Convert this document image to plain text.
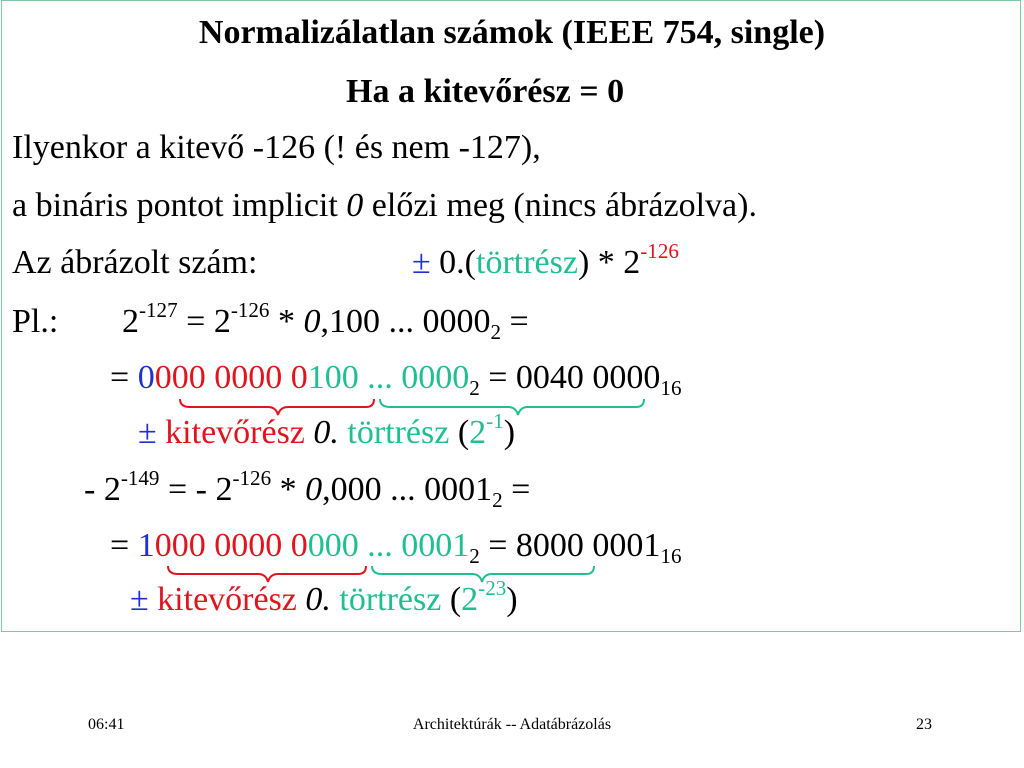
Normalizálatlan számok (IEEE 754, single)
Ha a kitevőrész = 0
Ilyenkor a kitevő -126 (! és nem -127),
a bináris pontot implicit 0 előzi meg (nincs ábrázolva).
Az ábrázolt szám:	± 0.(törtrész) * $2^{-126}$
Pl.: $2^{-127} = 2^{-126} * 0,100$ ... $0000_2$ =
= 0000 0000 0100 ... $0000_2 = 0040$ $0000_{16}$
± kitevőrész 0. törtrész $(2^{-1})$
- $2^{-149}$ = - $2^{-126} * 0,000$ ... $0001_2$ =
= 1000 0000 0000 ... $0001_2 = 8000$ $0001_{16}$
± kitevőrész 0. törtrész $(2^{-23})$
06:41	Architektúrák -- Adatábrázolás	23
